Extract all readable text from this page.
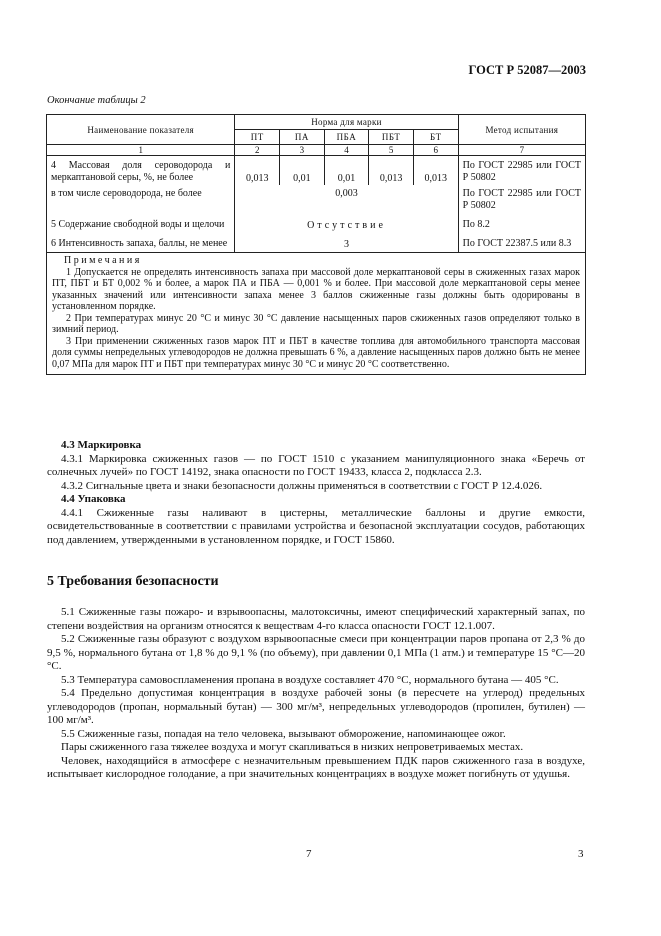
ГОСТ Р 52087—2003
Окончание таблицы 2
Наименование показателя	Норма для марки					Метод испытания
	ПТ	ПА	ПБА	ПБТ	БТ	
1	2	3	4	5	6	7
4 Массовая доля сероводорода и меркаптановой серы, %, не более	0,013	0,01	0,01	0,013	0,013	По ГОСТ 22985 или ГОСТ Р 50802
в том числе сероводорода, не более	0,003					По ГОСТ 22985 или ГОСТ Р 50802
5 Содержание свободной воды и щелочи	Отсутствие					По 8.2
6 Интенсивность запаха, баллы, не менее	3					По ГОСТ 22387.5 или 8.3

Примечания

1 Допускается не определять интенсивность запаха при массовой доле меркаптановой серы в сжиженных газах марок ПТ, ПБТ и БТ 0,002 % и более, а марок ПА и ПБА — 0,001 % и более. При массовой доле меркаптановой серы менее указанных значений или интенсивности запаха менее 3 баллов сжиженные газы должны быть одорированы в установленном порядке.

2 При температурах минус 20 °С и минус 30 °С давление насыщенных паров сжиженных газов определяют только в зимний период.

3 При применении сжиженных газов марок ПТ и ПБТ в качестве топлива для автомобильного транспорта массовая доля суммы непредельных углеводородов не должна превышать 6 %, а давление насыщенных паров должно быть не менее 0,07 МПа для марок ПТ и ПБТ при температурах минус 30 °С и минус 20 °С соответственно.						

4.3 Маркировка

4.3.1 Маркировка сжиженных газов — по ГОСТ 1510 с указанием манипуляционного знака «Беречь от солнечных лучей» по ГОСТ 14192, знака опасности по ГОСТ 19433, класса 2, подкласса 2.3.

4.3.2 Сигнальные цвета и знаки безопасности должны применяться в соответствии с ГОСТ Р 12.4.026.

4.4 Упаковка

4.4.1 Сжиженные газы наливают в цистерны, металлические баллоны и другие емкости, освидетельствованные в соответствии с правилами устройства и безопасной эксплуатации сосудов, работающих под давлением, утвержденными в установленном порядке, и ГОСТ 15860.

5 Требования безопасности

5.1 Сжиженные газы пожаро- и взрывоопасны, малотоксичны, имеют специфический характерный запах, по степени воздействия на организм относятся к веществам 4-го класса опасности ГОСТ 12.1.007.

5.2 Сжиженные газы образуют с воздухом взрывоопасные смеси при концентрации паров пропана от 2,3 % до 9,5 %, нормального бутана от 1,8 % до 9,1 % (по объему), при давлении 0,1 МПа (1 атм.) и температуре 15 °С—20 °С.

5.3 Температура самовоспламенения пропана в воздухе составляет 470 °С, нормального бутана — 405 °С.

5.4 Предельно допустимая концентрация в воздухе рабочей зоны (в пересчете на углерод) предельных углеводородов (пропан, нормальный бутан) — 300 мг/м³, непредельных углеводородов (пропилен, бутилен) — 100 мг/м³.

5.5 Сжиженные газы, попадая на тело человека, вызывают обморожение, напоминающее ожог.

Пары сжиженного газа тяжелее воздуха и могут скапливаться в низких непроветриваемых местах.

Человек, находящийся в атмосфере с незначительным превышением ПДК паров сжиженного газа в воздухе, испытывает кислородное голодание, а при значительных концентрациях в воздухе может погибнуть от удушья.

7	3
